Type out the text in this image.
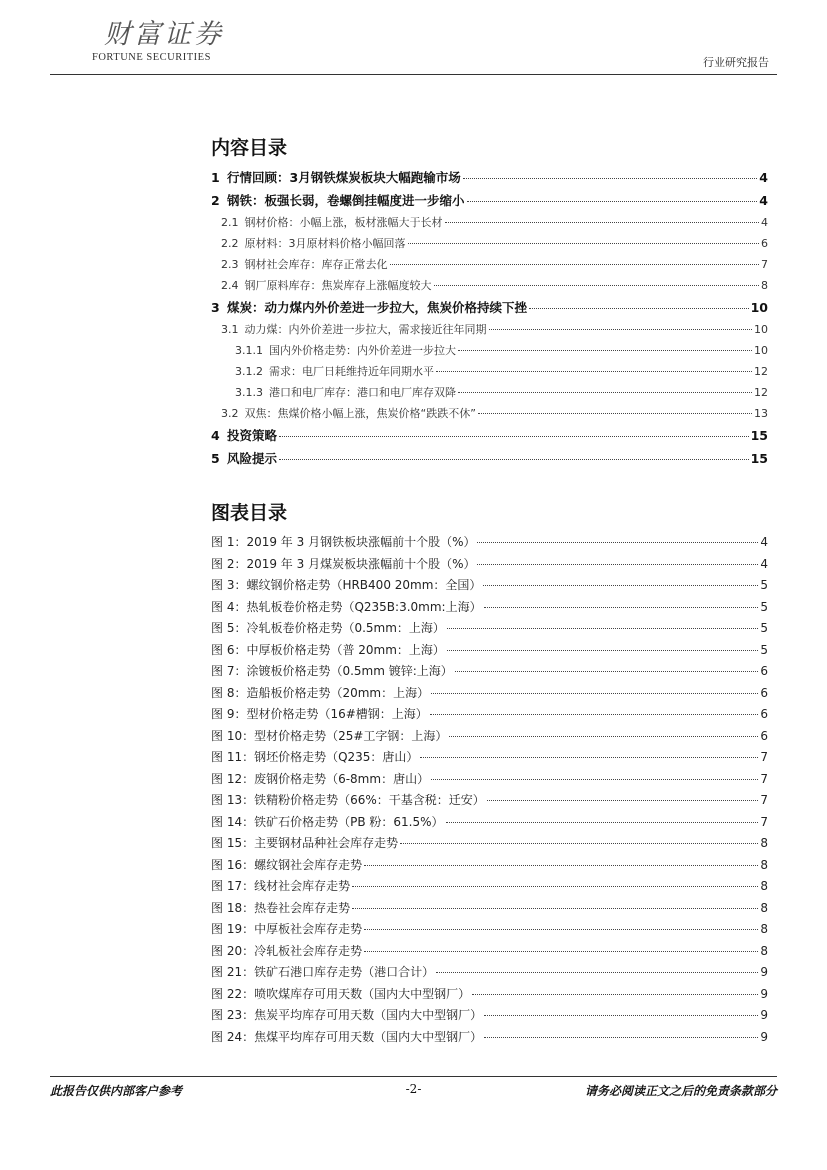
财富证券
FORTUNE SECURITIES	行业研究报告
内容目录
1 行情回顾：3月钢铁煤炭板块大幅跑输市场	4
2 钢铁：板强长弱，卷螺倒挂幅度进一步缩小	4
2.1 钢材价格：小幅上涨，板材涨幅大于长材	4
2.2 原材料：3月原材料价格小幅回落	6
2.3 钢材社会库存：库存正常去化	7
2.4 钢厂原料库存：焦炭库存上涨幅度较大	8
3 煤炭：动力煤内外价差进一步拉大，焦炭价格持续下挫	10
3.1 动力煤：内外价差进一步拉大，需求接近往年同期	10
3.1.1 国内外价格走势：内外价差进一步拉大	10
3.1.2 需求：电厂日耗维持近年同期水平	12
3.1.3 港口和电厂库存：港口和电厂库存双降	12
3.2 双焦：焦煤价格小幅上涨，焦炭价格“跌跌不休”	13
4 投资策略	15
5 风险提示	15
图表目录
图 1：2019 年 3 月钢铁板块涨幅前十个股（%）	4
图 2：2019 年 3 月煤炭板块涨幅前十个股（%）	4
图 3：螺纹钢价格走势（HRB400 20mm：全国）	5
图 4：热轧板卷价格走势（Q235B:3.0mm:上海）	5
图 5：冷轧板卷价格走势（0.5mm：上海）	5
图 6：中厚板价格走势（普 20mm：上海）	5
图 7：涂镀板价格走势（0.5mm 镀锌:上海）	6
图 8：造船板价格走势（20mm：上海）	6
图 9：型材价格走势（16#槽钢：上海）	6
图 10：型材价格走势（25#工字钢：上海）	6
图 11：钢坯价格走势（Q235：唐山）	7
图 12：废钢价格走势（6-8mm：唐山）	7
图 13：铁精粉价格走势（66%：干基含税：迁安）	7
图 14：铁矿石价格走势（PB 粉：61.5%）	7
图 15：主要钢材品种社会库存走势	8
图 16：螺纹钢社会库存走势	8
图 17：线材社会库存走势	8
图 18：热卷社会库存走势	8
图 19：中厚板社会库存走势	8
图 20：冷轧板社会库存走势	8
图 21：铁矿石港口库存走势（港口合计）	9
图 22：喷吹煤库存可用天数（国内大中型钢厂）	9
图 23：焦炭平均库存可用天数（国内大中型钢厂）	9
图 24：焦煤平均库存可用天数（国内大中型钢厂）	9
此报告仅供内部客户参考	-2-	请务必阅读正文之后的免责条款部分
